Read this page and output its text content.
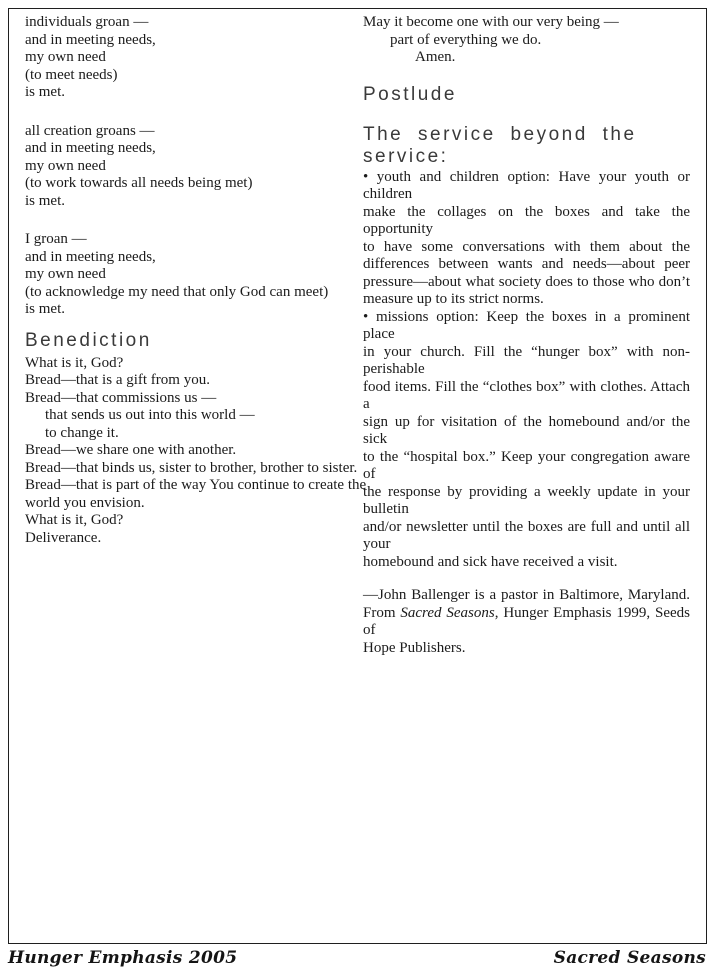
individuals groan —
and in meeting needs,
my own need
(to meet needs)
is met.
all creation groans —
and in meeting needs,
my own need
(to work towards all needs being met)
is met.
I groan —
and in meeting needs,
my own need
(to acknowledge my need that only God can meet)
is met.
Benediction
What is it, God?
Bread—that is a gift from you.
Bread—that commissions us —
that sends us out into this world —
to change it.
Bread—we share one with another.
Bread—that binds us, sister to brother, brother to sister.
Bread—that is part of the way You continue to create the
world you envision.
What is it, God?
Deliverance.
May it become one with our very being —
part of everything we do.
Amen.
Postlude
The service beyond the service:
• youth and children option: Have your youth or children
make the collages on the boxes and take the opportunity
to have some conversations with them about the
differences between wants and needs—about peer
pressure—about what society does to those who don’t
measure up to its strict norms.
• missions option: Keep the boxes in a prominent place
in your church. Fill the “hunger box” with non-perishable
food items. Fill the “clothes box” with clothes. Attach a
sign up for visitation of the homebound and/or the sick
to the “hospital box.” Keep your congregation aware of
the response by providing a weekly update in your bulletin
and/or newsletter until the boxes are full and until all your
homebound and sick have received a visit.
—John Ballenger is a pastor in Baltimore, Maryland.
From Sacred Seasons, Hunger Emphasis 1999, Seeds of
Hope Publishers.
Hunger Emphasis 2005	Sacred Seasons
